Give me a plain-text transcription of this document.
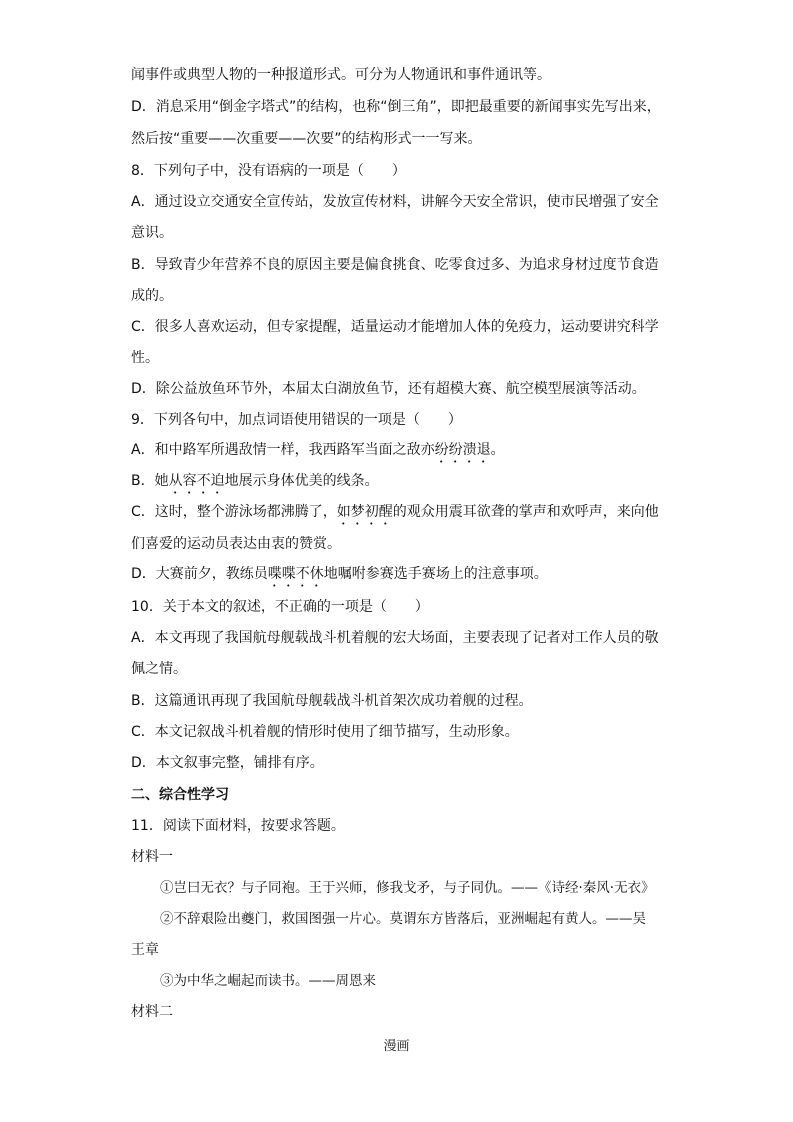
闻事件或典型人物的一种报道形式。可分为人物通讯和事件通讯等。
D．消息采用“倒金字塔式”的结构，也称“倒三角”，即把最重要的新闻事实先写出来，
然后按“重要——次重要——次要”的结构形式一一写来。
8．下列句子中，没有语病的一项是（　　）
A．通过设立交通安全宣传站，发放宣传材料，讲解今天安全常识，使市民增强了安全
意识。
B．导致青少年营养不良的原因主要是偏食挑食、吃零食过多、为追求身材过度节食造
成的。
C．很多人喜欢运动，但专家提醒，适量运动才能增加人体的免疫力，运动要讲究科学
性。
D．除公益放鱼环节外，本届太白湖放鱼节，还有超模大赛、航空模型展演等活动。
9．下列各句中，加点词语使用错误的一项是（　　）
A．和中路军所遇敌情一样，我西路军当面之敌亦纷纷溃退。
B．她从容不迫地展示身体优美的线条。
C．这时，整个游泳场都沸腾了，如梦初醒的观众用震耳欲聋的掌声和欢呼声，来向他
们喜爱的运动员表达由衷的赞赏。
D．大赛前夕，教练员喋喋不休地嘱咐参赛选手赛场上的注意事项。
10．关于本文的叙述，不正确的一项是（　　）
A．本文再现了我国航母舰载战斗机着舰的宏大场面，主要表现了记者对工作人员的敬
佩之情。
B．这篇通讯再现了我国航母舰载战斗机首架次成功着舰的过程。
C．本文记叙战斗机着舰的情形时使用了细节描写，生动形象。
D．本文叙事完整，铺排有序。
二、综合性学习
11．阅读下面材料，按要求答题。
材料一
①岂曰无衣？与子同袍。王于兴师，修我戈矛，与子同仇。——《诗经·秦风·无衣》
②不辞艰险出夔门，救国图强一片心。莫谓东方皆落后，亚洲崛起有黄人。——吴
王章
③为中华之崛起而读书。——周恩来
材料二
漫画
